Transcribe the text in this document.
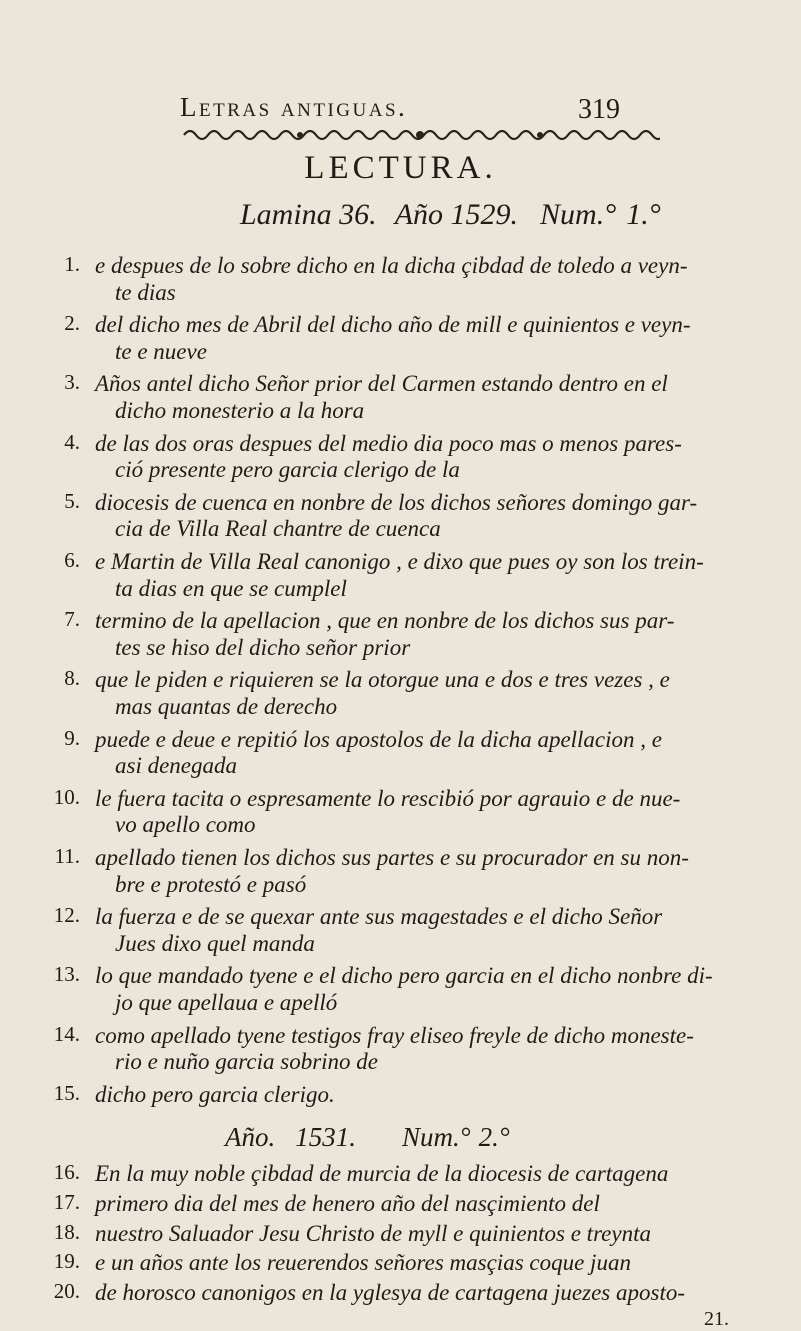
Letras antiguas.	319
LECTURA.
Lamina 36. Año 1529. Num.° 1.°
1. e despues de lo sobre dicho en la dicha çibdad de toledo a veyn-
te dias
2. del dicho mes de Abril del dicho año de mill e quinientos e veyn-
te e nueve
3. Años antel dicho Señor prior del Carmen estando dentro en el
dicho monesterio a la hora
4. de las dos oras despues del medio dia poco mas o menos pares-
ció presente pero garcia clerigo de la
5. diocesis de cuenca en nonbre de los dichos señores domingo gar-
cia de Villa Real chantre de cuenca
6. e Martin de Villa Real canonigo , e dixo que pues oy son los trein-
ta dias en que se cumplel
7. termino de la apellacion , que en nonbre de los dichos sus par-
tes se hiso del dicho señor prior
8. que le piden e riquieren se la otorgue una e dos e tres vezes , e
mas quantas de derecho
9. puede e deue e repitió los apostolos de la dicha apellacion , e
asi denegada
10. le fuera tacita o espresamente lo rescibió por agrauio e de nue-
vo apello como
11. apellado tienen los dichos sus partes e su procurador en su non-
bre e protestó e pasó
12. la fuerza e de se quexar ante sus magestades e el dicho Señor
Jues dixo quel manda
13. lo que mandado tyene e el dicho pero garcia en el dicho nonbre di-
jo que apellaua e apelló
14. como apellado tyene testigos fray eliseo freyle de dicho moneste-
rio e nuño garcia sobrino de
15. dicho pero garcia clerigo.
21.
Año. 1531. Num.° 2.°
16. En la muy noble çibdad de murcia de la diocesis de cartagena
17. primero dia del mes de henero año del nasçimiento del
18. nuestro Saluador Jesu Christo de myll e quinientos e treynta
19. e un años ante los reuerendos señores masçias coque juan
20. de horosco canonigos en la yglesya de cartagena juezes aposto-
